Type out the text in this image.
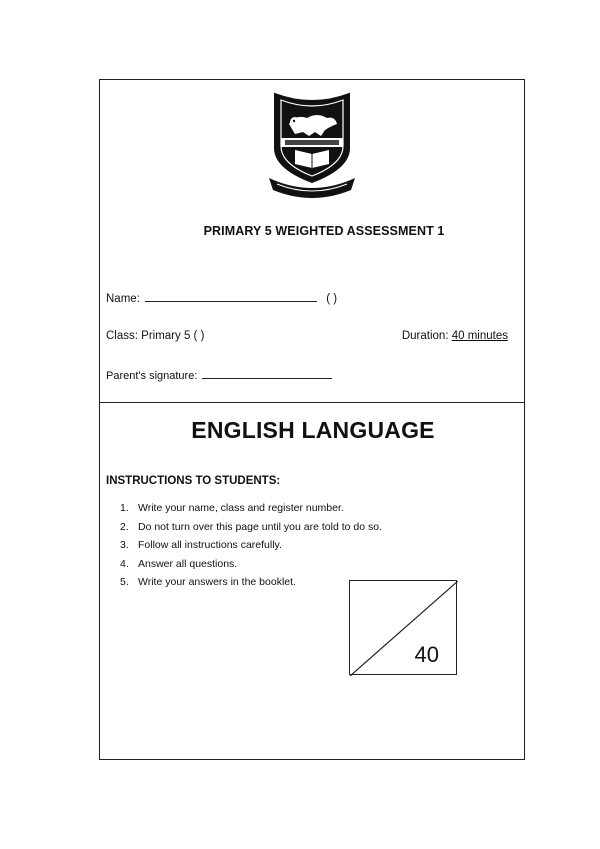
PRIMARY 5 WEIGHTED ASSESSMENT 1
Name:	( )
Class: Primary 5 ( )	Duration: 40 minutes
Parent's signature:
ENGLISH LANGUAGE
INSTRUCTIONS TO STUDENTS:
1. Write your name, class and register number.
2. Do not turn over this page until you are told to do so.
3. Follow all instructions carefully.
4. Answer all questions.
5. Write your answers in the booklet.
40
